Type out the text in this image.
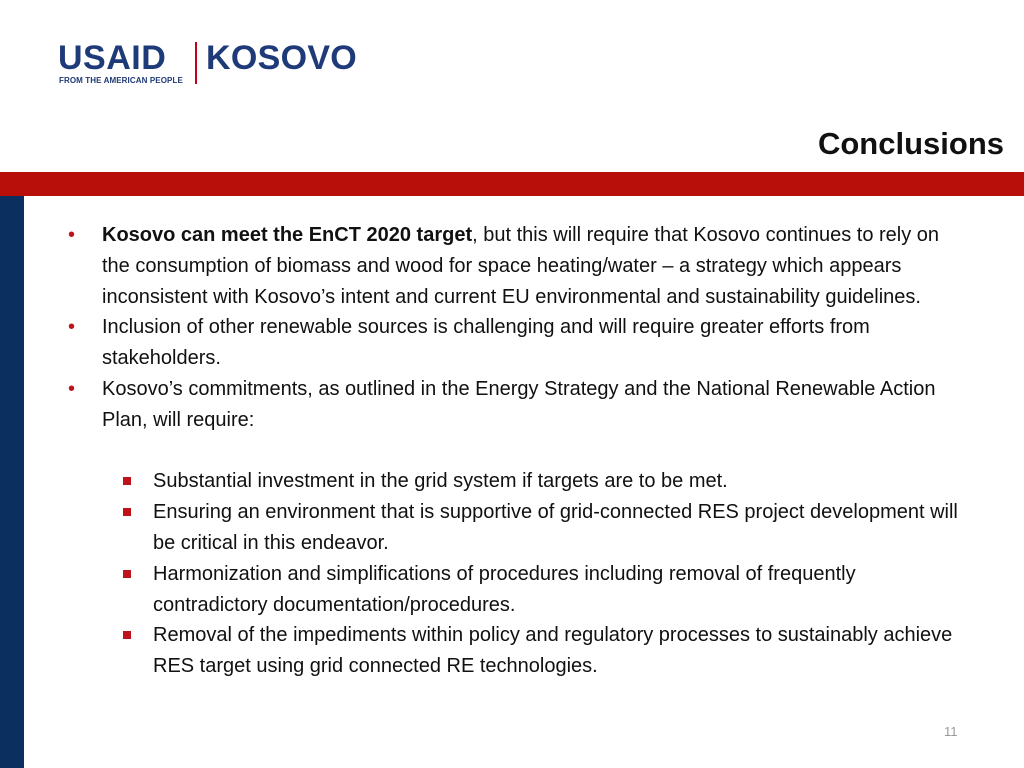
USAID
FROM THE AMERICAN PEOPLE
KOSOVO
Conclusions
• Kosovo can meet the EnCT 2020 target, but this will require that Kosovo continues to rely on the consumption of biomass and wood for space heating/water – a strategy which appears inconsistent with Kosovo’s intent and current EU environmental and sustainability guidelines.
• Inclusion of other renewable sources is challenging and will require greater efforts from stakeholders.
• Kosovo’s commitments, as outlined in the Energy Strategy and the National Renewable Action Plan, will require:
Substantial investment in the grid system if targets are to be met.
Ensuring an environment that is supportive of grid-connected RES project development will be critical in this endeavor.
Harmonization and simplifications of procedures including removal of frequently contradictory documentation/procedures.
Removal of the impediments within policy and regulatory processes to sustainably achieve RES target using grid connected RE technologies.
11
